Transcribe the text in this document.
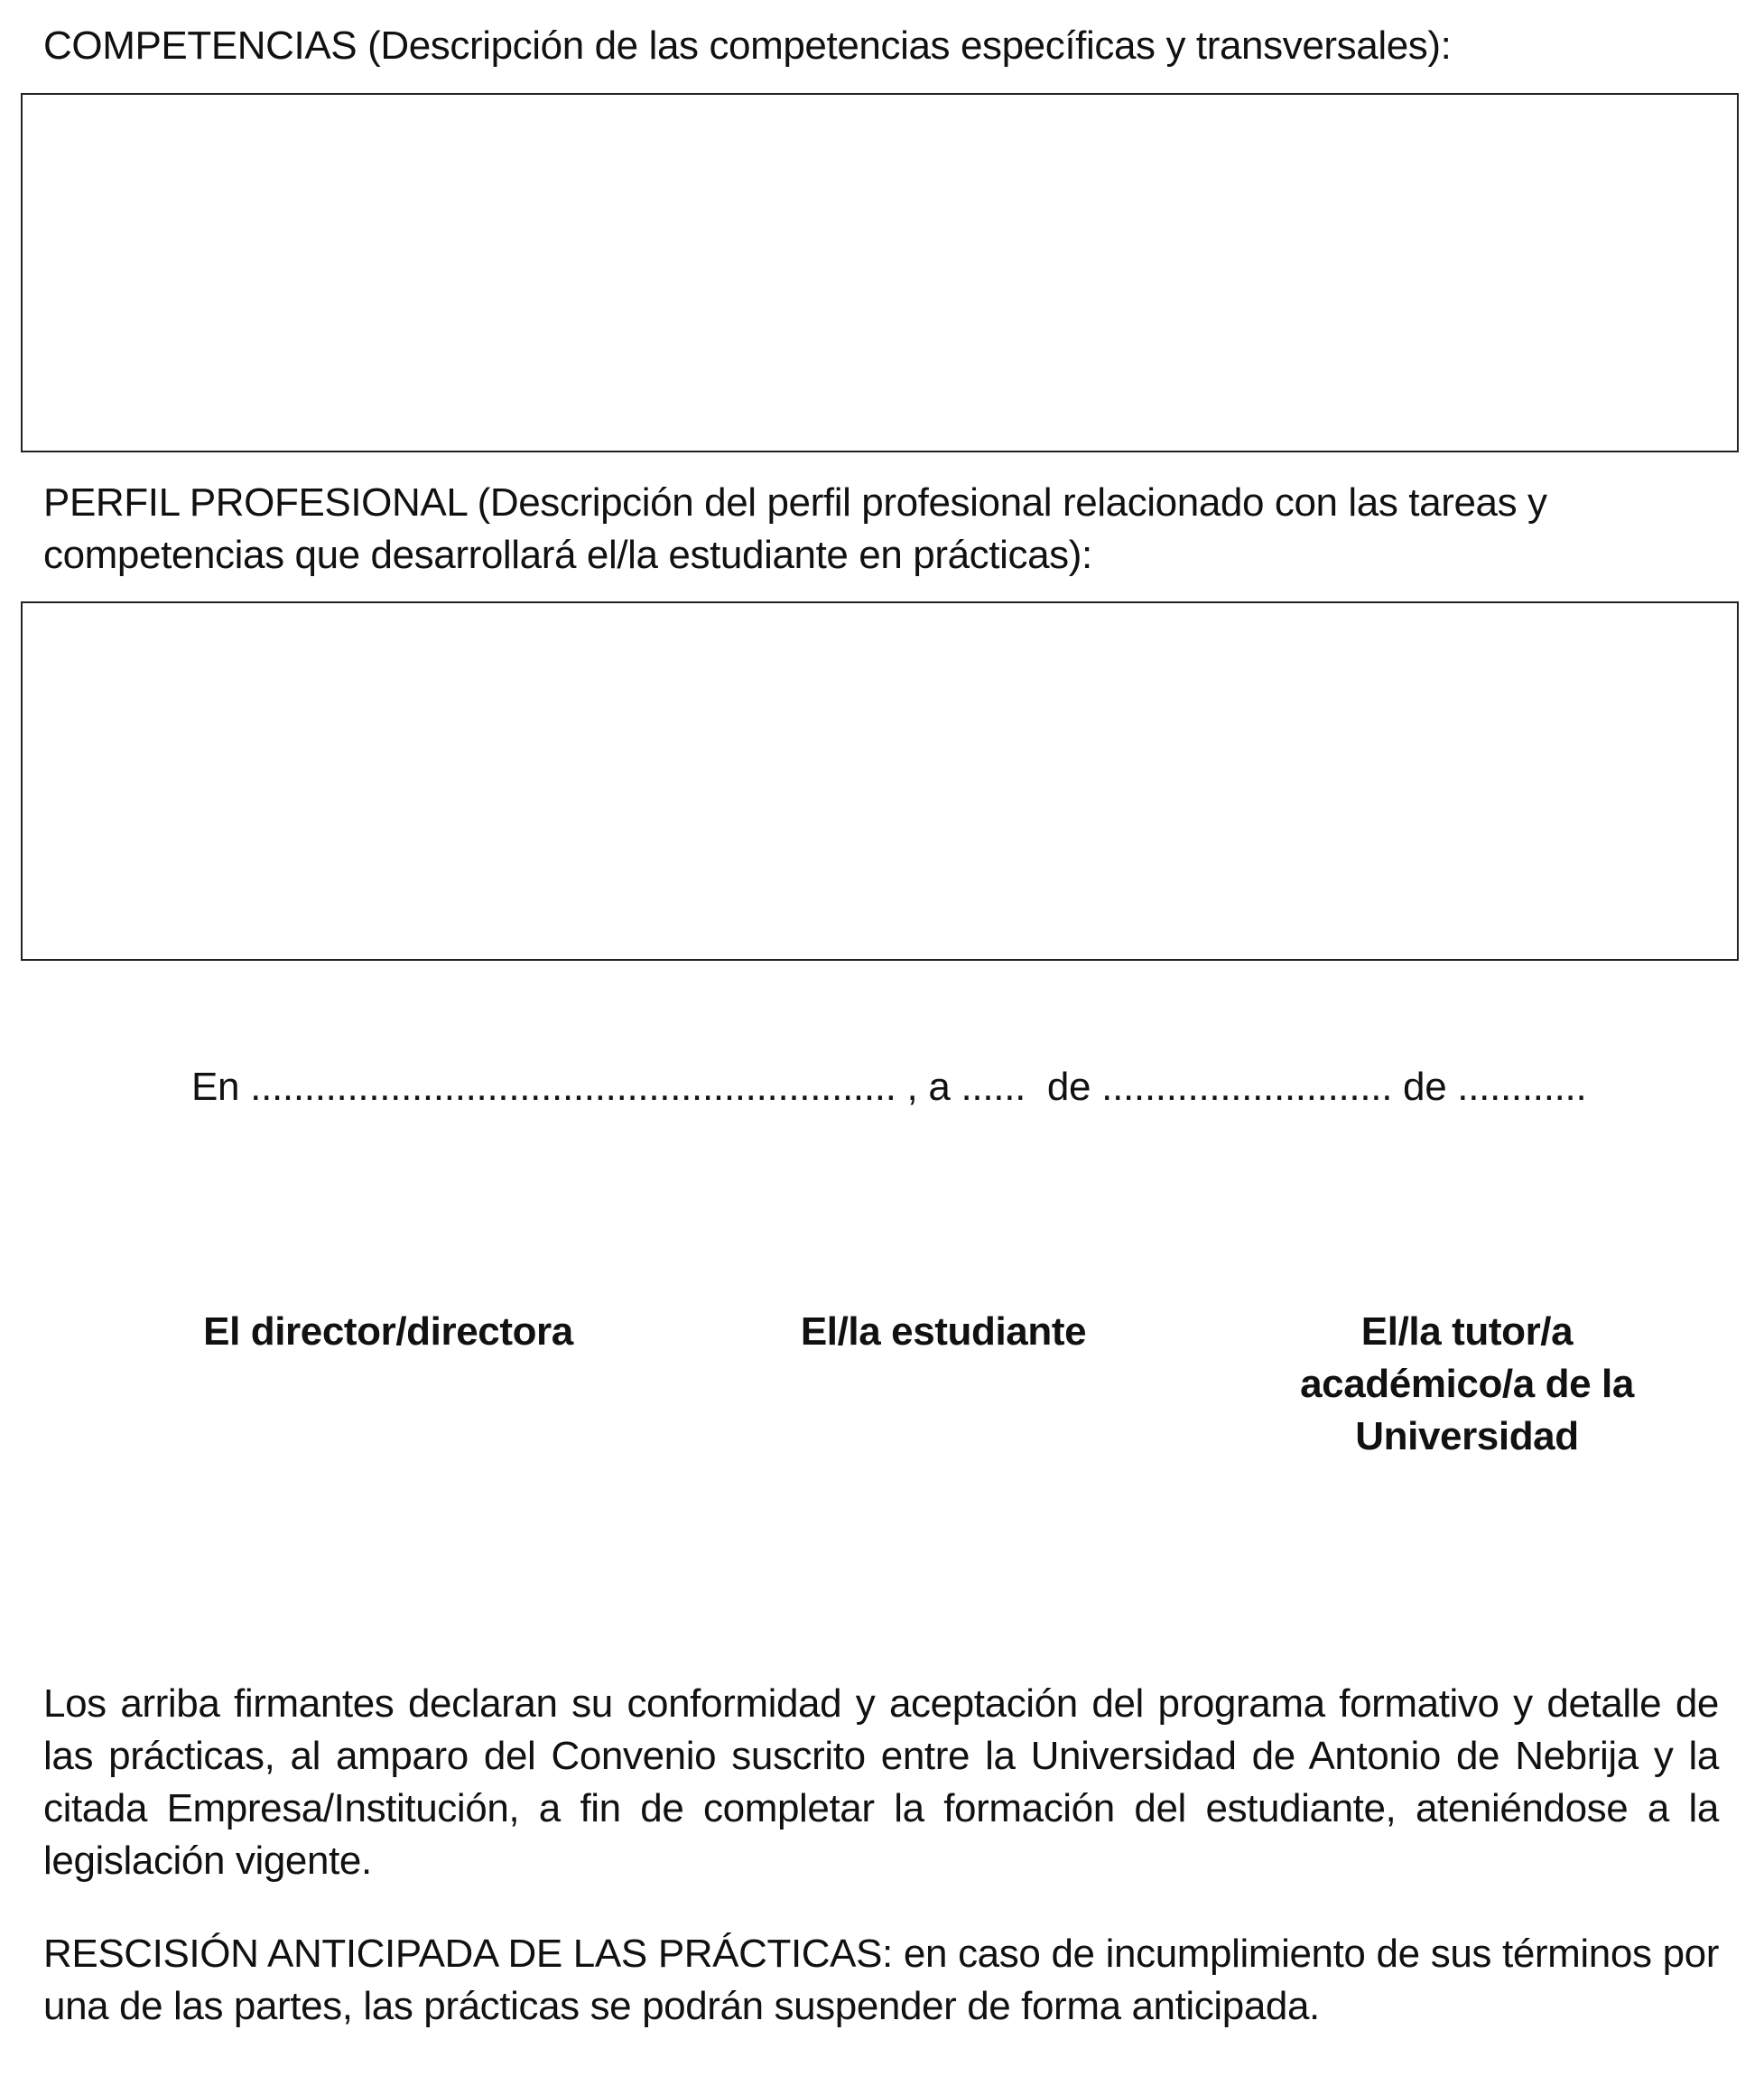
COMPETENCIAS (Descripción de las competencias específicas y transversales):

PERFIL PROFESIONAL (Descripción del perfil profesional relacionado con las tareas y competencias que desarrollará el/la estudiante en prácticas):

En ............................................................ , a ......  de ........................... de ............
El director/directora	El/la estudiante	El/la tutor/a académico/a de la Universidad

Los arriba firmantes declaran su conformidad y aceptación del programa formativo y detalle de las prácticas, al amparo del Convenio suscrito entre la Universidad de Antonio de Nebrija y la citada Empresa/Institución, a fin de completar la formación del estudiante, ateniéndose a la legislación vigente.

RESCISIÓN ANTICIPADA DE LAS PRÁCTICAS: en caso de incumplimiento de sus términos por una de las partes, las prácticas se podrán suspender de forma anticipada.
